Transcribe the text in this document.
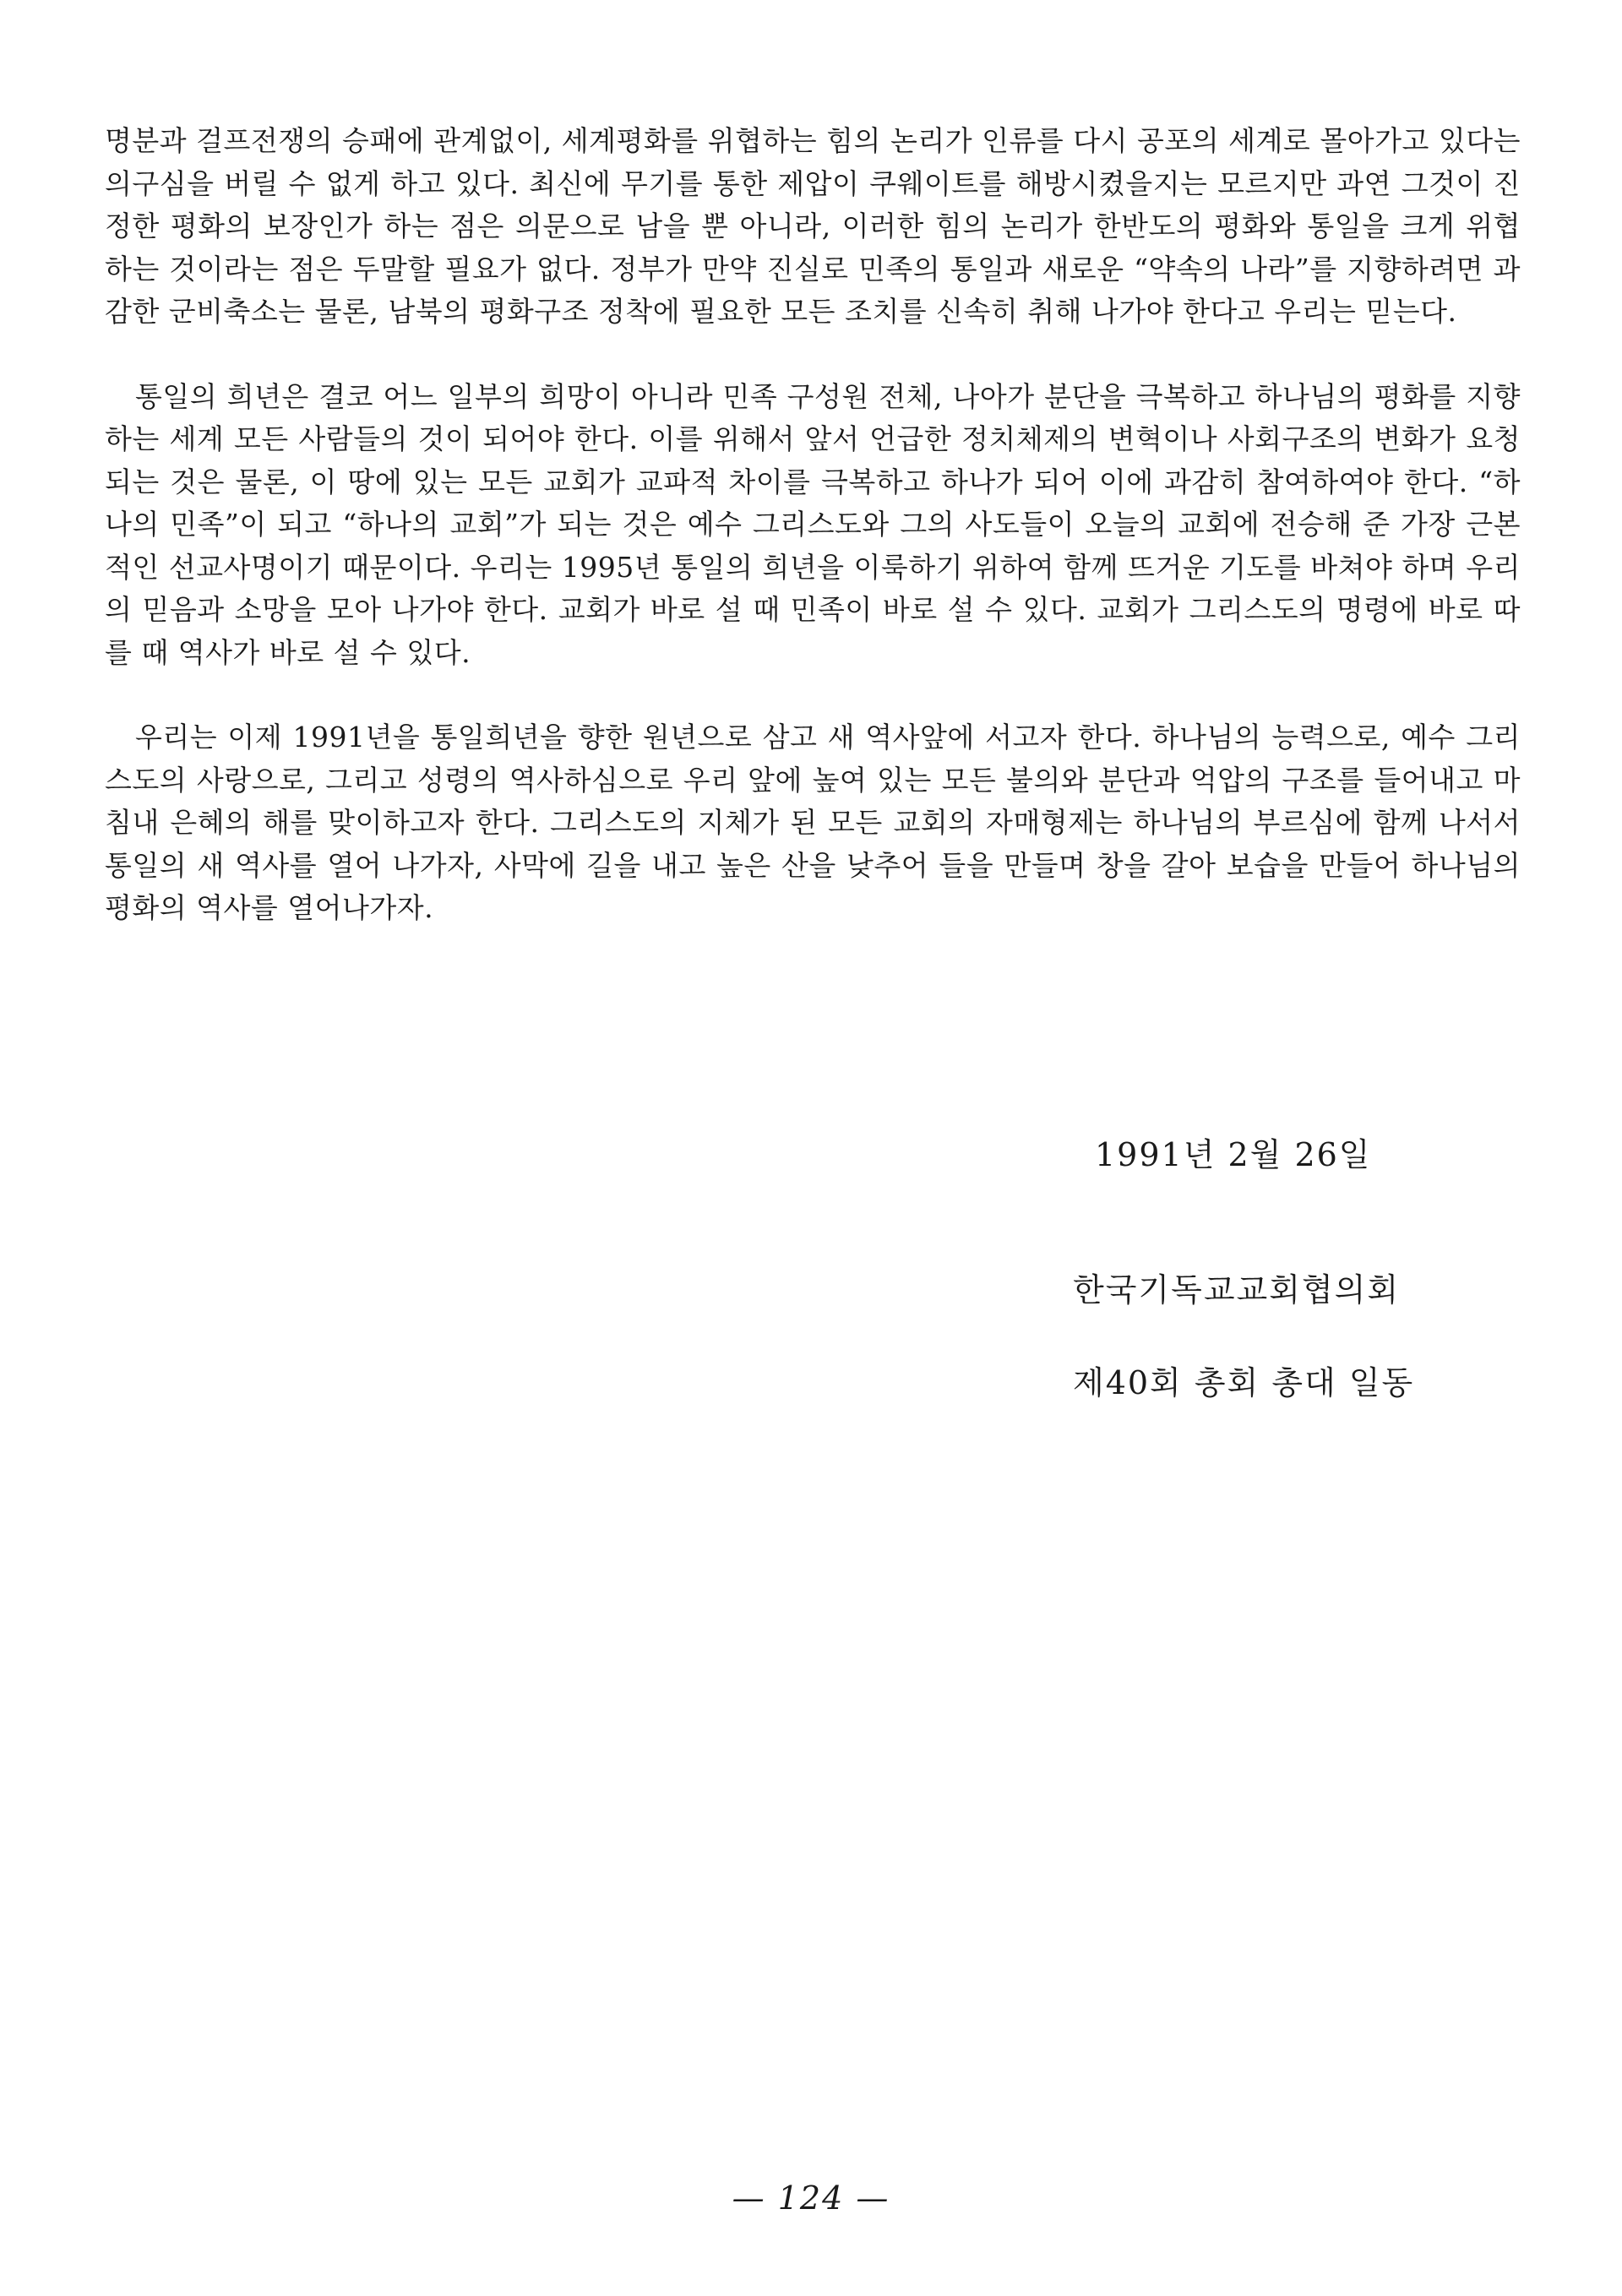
명분과 걸프전쟁의 승패에 관계없이, 세계평화를 위협하는 힘의 논리가 인류를 다시 공포의 세계로 몰아가고 있다는 의구심을 버릴 수 없게 하고 있다. 최신에 무기를 통한 제압이 쿠웨이트를 해방시켰을지는 모르지만 과연 그것이 진정한 평화의 보장인가 하는 점은 의문으로 남을 뿐 아니라, 이러한 힘의 논리가 한반도의 평화와 통일을 크게 위협하는 것이라는 점은 두말할 필요가 없다. 정부가 만약 진실로 민족의 통일과 새로운 “약속의 나라”를 지향하려면 과감한 군비축소는 물론, 남북의 평화구조 정착에 필요한 모든 조치를 신속히 취해 나가야 한다고 우리는 믿는다.

통일의 희년은 결코 어느 일부의 희망이 아니라 민족 구성원 전체, 나아가 분단을 극복하고 하나님의 평화를 지향하는 세계 모든 사람들의 것이 되어야 한다. 이를 위해서 앞서 언급한 정치체제의 변혁이나 사회구조의 변화가 요청되는 것은 물론, 이 땅에 있는 모든 교회가 교파적 차이를 극복하고 하나가 되어 이에 과감히 참여하여야 한다. “하나의 민족”이 되고 “하나의 교회”가 되는 것은 예수 그리스도와 그의 사도들이 오늘의 교회에 전승해 준 가장 근본적인 선교사명이기 때문이다. 우리는 1995년 통일의 희년을 이룩하기 위하여 함께 뜨거운 기도를 바쳐야 하며 우리의 믿음과 소망을 모아 나가야 한다. 교회가 바로 설 때 민족이 바로 설 수 있다. 교회가 그리스도의 명령에 바로 따를 때 역사가 바로 설 수 있다.

우리는 이제 1991년을 통일희년을 향한 원년으로 삼고 새 역사앞에 서고자 한다. 하나님의 능력으로, 예수 그리스도의 사랑으로, 그리고 성령의 역사하심으로 우리 앞에 높여 있는 모든 불의와 분단과 억압의 구조를 들어내고 마침내 은혜의 해를 맞이하고자 한다. 그리스도의 지체가 된 모든 교회의 자매형제는 하나님의 부르심에 함께 나서서 통일의 새 역사를 열어 나가자, 사막에 길을 내고 높은 산을 낮추어 들을 만들며 창을 갈아 보습을 만들어 하나님의 평화의 역사를 열어나가자.

1991년 2월 26일
한국기독교교회협의회
제40회 총회 총대 일동
— 124 —
